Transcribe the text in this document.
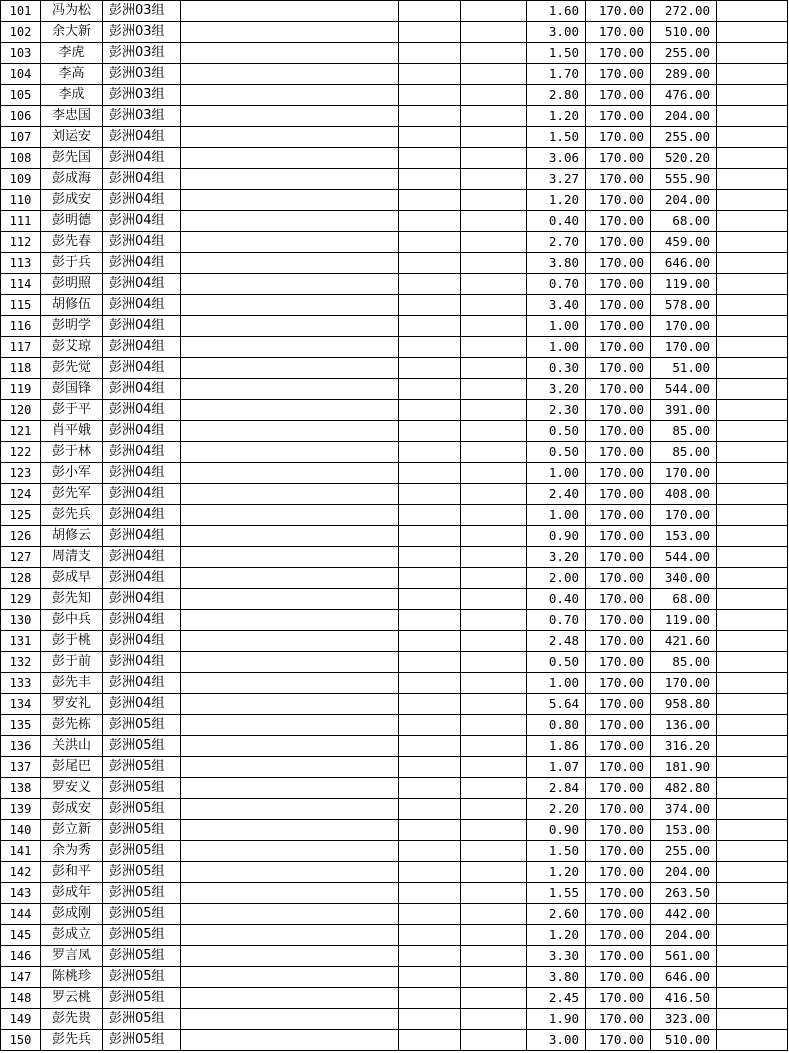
101	冯为松	彭洲03组				1.60	170.00	272.00	
102	余大新	彭洲03组				3.00	170.00	510.00	
103	李虎	彭洲03组				1.50	170.00	255.00	
104	李高	彭洲03组				1.70	170.00	289.00	
105	李成	彭洲03组				2.80	170.00	476.00	
106	李忠国	彭洲03组				1.20	170.00	204.00	
107	刘运安	彭洲04组				1.50	170.00	255.00	
108	彭先国	彭洲04组				3.06	170.00	520.20	
109	彭成海	彭洲04组				3.27	170.00	555.90	
110	彭成安	彭洲04组				1.20	170.00	204.00	
111	彭明德	彭洲04组				0.40	170.00	68.00	
112	彭先春	彭洲04组				2.70	170.00	459.00	
113	彭于兵	彭洲04组				3.80	170.00	646.00	
114	彭明照	彭洲04组				0.70	170.00	119.00	
115	胡修伍	彭洲04组				3.40	170.00	578.00	
116	彭明学	彭洲04组				1.00	170.00	170.00	
117	彭艾琼	彭洲04组				1.00	170.00	170.00	
118	彭先觉	彭洲04组				0.30	170.00	51.00	
119	彭国锋	彭洲04组				3.20	170.00	544.00	
120	彭于平	彭洲04组				2.30	170.00	391.00	
121	肖平娥	彭洲04组				0.50	170.00	85.00	
122	彭于林	彭洲04组				0.50	170.00	85.00	
123	彭小军	彭洲04组				1.00	170.00	170.00	
124	彭先军	彭洲04组				2.40	170.00	408.00	
125	彭先兵	彭洲04组				1.00	170.00	170.00	
126	胡修云	彭洲04组				0.90	170.00	153.00	
127	周清支	彭洲04组				3.20	170.00	544.00	
128	彭成早	彭洲04组				2.00	170.00	340.00	
129	彭先知	彭洲04组				0.40	170.00	68.00	
130	彭中兵	彭洲04组				0.70	170.00	119.00	
131	彭于桃	彭洲04组				2.48	170.00	421.60	
132	彭于前	彭洲04组				0.50	170.00	85.00	
133	彭先丰	彭洲04组				1.00	170.00	170.00	
134	罗安礼	彭洲04组				5.64	170.00	958.80	
135	彭先栋	彭洲05组				0.80	170.00	136.00	
136	关洪山	彭洲05组				1.86	170.00	316.20	
137	彭尾巴	彭洲05组				1.07	170.00	181.90	
138	罗安义	彭洲05组				2.84	170.00	482.80	
139	彭成安	彭洲05组				2.20	170.00	374.00	
140	彭立新	彭洲05组				0.90	170.00	153.00	
141	余为秀	彭洲05组				1.50	170.00	255.00	
142	彭和平	彭洲05组				1.20	170.00	204.00	
143	彭成年	彭洲05组				1.55	170.00	263.50	
144	彭成刚	彭洲05组				2.60	170.00	442.00	
145	彭成立	彭洲05组				1.20	170.00	204.00	
146	罗言凤	彭洲05组				3.30	170.00	561.00	
147	陈桃珍	彭洲05组				3.80	170.00	646.00	
148	罗云桃	彭洲05组				2.45	170.00	416.50	
149	彭先贵	彭洲05组				1.90	170.00	323.00	
150	彭先兵	彭洲05组				3.00	170.00	510.00	
